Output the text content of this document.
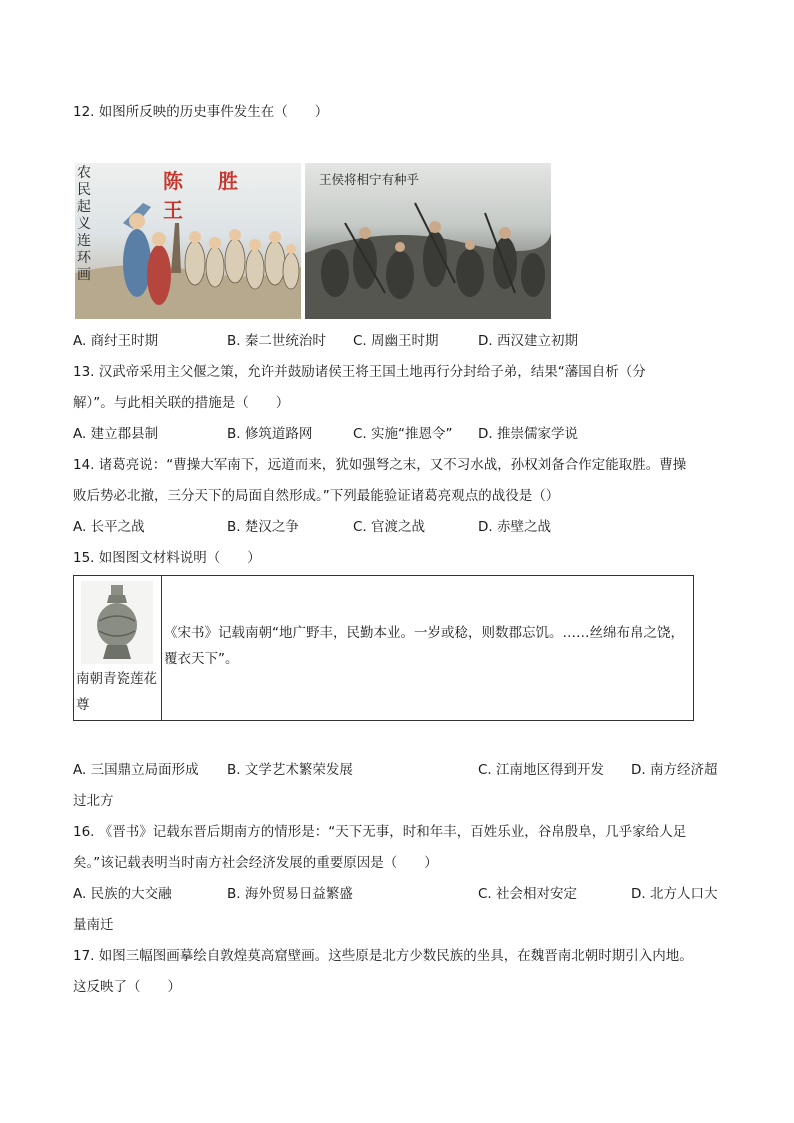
12. 如图所反映的历史事件发生在（　　）
陈 胜 王
农民起义连环画
王侯将相宁有种乎
A. 商纣王时期	B. 秦二世统治时 C. 周幽王时期	D. 西汉建立初期
13. 汉武帝采用主父偃之策，允许并鼓励诸侯王将王国土地再行分封给子弟，结果“藩国自析（分
解）”。与此相关联的措施是（　　）
A. 建立郡县制	B. 修筑道路网	C. 实施“推恩令” D. 推崇儒家学说
14. 诸葛亮说：“曹操大军南下，远道而来，犹如强弩之末，又不习水战，孙权刘备合作定能取胜。曹操
败后势必北撤，三分天下的局面自然形成。”下列最能验证诸葛亮观点的战役是（）
A. 长平之战	B. 楚汉之争	C. 官渡之战	D. 赤壁之战
15. 如图图文材料说明（　　）
南朝青瓷莲花尊
《宋书》记载南朝“地广野丰，民勤本业。一岁或稔，则数郡忘饥。……丝绵布帛之饶，覆衣天下”。
A. 三国鼎立局面形成 B. 文学艺术繁荣发展	C. 江南地区得到开发 D. 南方经济超
过北方
16. 《晋书》记载东晋后期南方的情形是：“天下无事，时和年丰，百姓乐业，谷帛殷阜，几乎家给人足
矣。”该记载表明当时南方社会经济发展的重要原因是（　　）
A. 民族的大交融	B. 海外贸易日益繁盛	C. 社会相对安定	D. 北方人口大
量南迁
17. 如图三幅图画摹绘自敦煌莫高窟壁画。这些原是北方少数民族的坐具，在魏晋南北朝时期引入内地。
这反映了（　　）
